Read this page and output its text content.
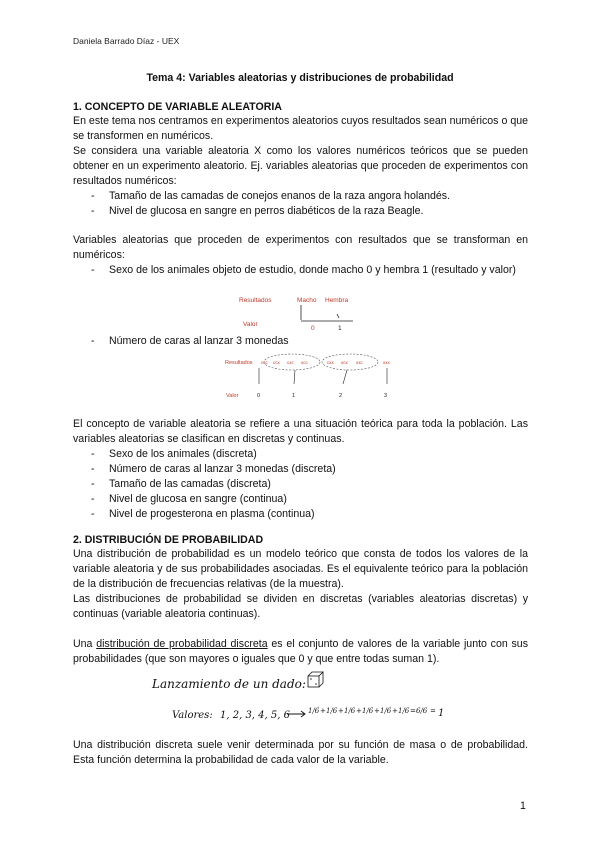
Daniela Barrado Díaz - UEX
Tema 4: Variables aleatorias y distribuciones de probabilidad
1. CONCEPTO DE VARIABLE ALEATORIA
En este tema nos centramos en experimentos aleatorios cuyos resultados sean numéricos o que se transformen en numéricos.
Se considera una variable aleatoria X como los valores numéricos teóricos que se pueden obtener en un experimento aleatorio. Ej. variables aleatorias que proceden de experimentos con resultados numéricos:
- Tamaño de las camadas de conejos enanos de la raza angora holandés.
- Nivel de glucosa en sangre en perros diabéticos de la raza Beagle.
Variables aleatorias que proceden de experimentos con resultados que se transforman en numéricos:
- Sexo de los animales objeto de estudio, donde macho 0 y hembra 1 (resultado y valor)
Resultados
Valor
Macho Hembra
0	1
- Número de caras al lanzar 3 monedas
Resultados
Valor
ccc ccx cxc xcc	cxx xcx xxc	xxx
0	1	2	3
El concepto de variable aleatoria se refiere a una situación teórica para toda la población. Las variables aleatorias se clasifican en discretas y continuas.
- Sexo de los animales (discreta)
- Número de caras al lanzar 3 monedas (discreta)
- Tamaño de las camadas (discreta)
- Nivel de glucosa en sangre (continua)
- Nivel de progesterona en plasma (continua)
2. DISTRIBUCIÓN DE PROBABILIDAD
Una distribución de probabilidad es un modelo teórico que consta de todos los valores de la variable aleatoria y de sus probabilidades asociadas. Es el equivalente teórico para la población de la distribución de frecuencias relativas (de la muestra).
Las distribuciones de probabilidad se dividen en discretas (variables aleatorias discretas) y continuas (variable aleatoria continuas).
Una distribución de probabilidad discreta es el conjunto de valores de la variable junto con sus probabilidades (que son mayores o iguales que 0 y que entre todas suman 1).
Lanzamiento de un dado:
Valores: 1, 2, 3, 4, 5, 6	1/6 + 1/6 + 1/6 + 1/6 + 1/6 + 1/6 = 6/6 = 1
Una distribución discreta suele venir determinada por su función de masa o de probabilidad. Esta función determina la probabilidad de cada valor de la variable.
1
